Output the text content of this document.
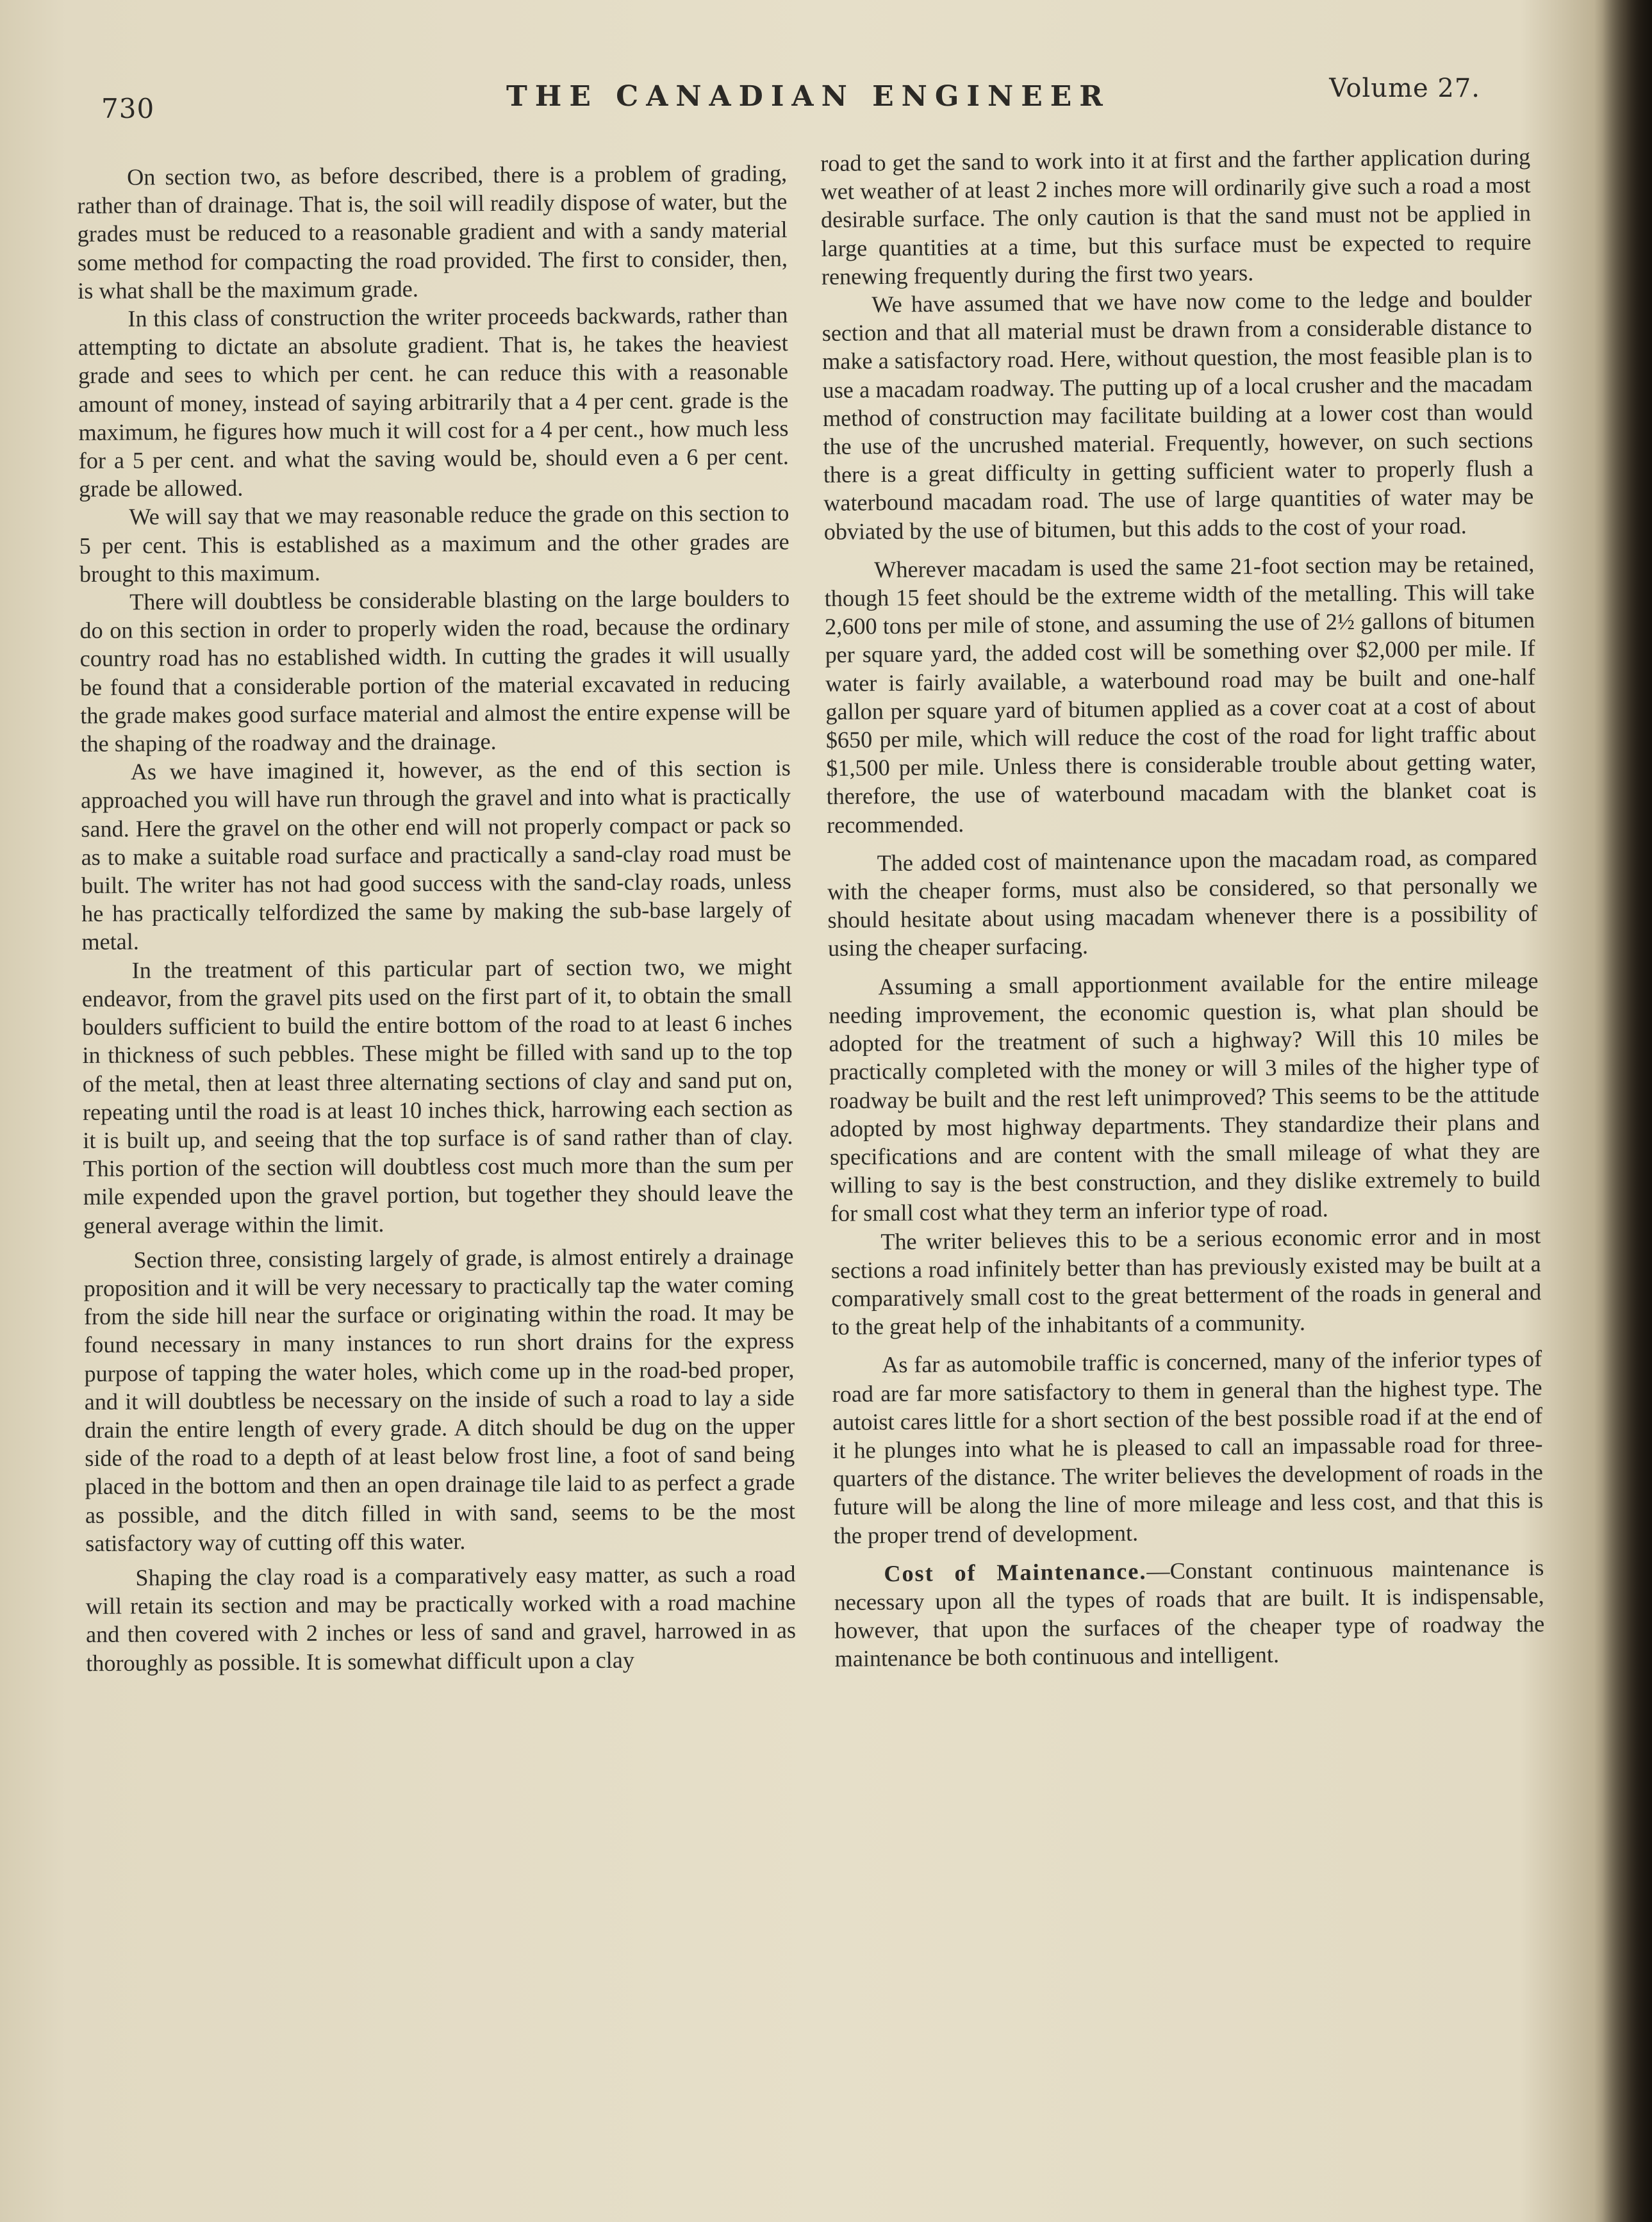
730	THE CANADIAN ENGINEER	Volume 27.

On section two, as before described, there is a problem of grading, rather than of drainage. That is, the soil will readily dispose of water, but the grades must be reduced to a reasonable gradient and with a sandy material some method for compacting the road provided. The first to consider, then, is what shall be the maximum grade.

In this class of construction the writer proceeds backwards, rather than attempting to dictate an absolute gradient. That is, he takes the heaviest grade and sees to which per cent. he can reduce this with a reasonable amount of money, instead of saying arbitrarily that a 4 per cent. grade is the maximum, he figures how much it will cost for a 4 per cent., how much less for a 5 per cent. and what the saving would be, should even a 6 per cent. grade be allowed.

We will say that we may reasonable reduce the grade on this section to 5 per cent. This is established as a maximum and the other grades are brought to this maximum.

There will doubtless be considerable blasting on the large boulders to do on this section in order to properly widen the road, because the ordinary country road has no established width. In cutting the grades it will usually be found that a considerable portion of the material excavated in reducing the grade makes good surface material and almost the entire expense will be the shaping of the roadway and the drainage.

As we have imagined it, however, as the end of this section is approached you will have run through the gravel and into what is practically sand. Here the gravel on the other end will not properly compact or pack so as to make a suitable road surface and practically a sand-clay road must be built. The writer has not had good success with the sand-clay roads, unless he has practically telfordized the same by making the sub-base largely of metal.

In the treatment of this particular part of section two, we might endeavor, from the gravel pits used on the first part of it, to obtain the small boulders sufficient to build the entire bottom of the road to at least 6 inches in thickness of such pebbles. These might be filled with sand up to the top of the metal, then at least three alternating sections of clay and sand put on, repeating until the road is at least 10 inches thick, harrowing each section as it is built up, and seeing that the top surface is of sand rather than of clay. This portion of the section will doubtless cost much more than the sum per mile expended upon the gravel portion, but together they should leave the general average within the limit.

Section three, consisting largely of grade, is almost entirely a drainage proposition and it will be very necessary to practically tap the water coming from the side hill near the surface or originating within the road. It may be found necessary in many instances to run short drains for the express purpose of tapping the water holes, which come up in the road-bed proper, and it will doubtless be necessary on the inside of such a road to lay a side drain the entire length of every grade. A ditch should be dug on the upper side of the road to a depth of at least below frost line, a foot of sand being placed in the bottom and then an open drainage tile laid to as perfect a grade as possible, and the ditch filled in with sand, seems to be the most satisfactory way of cutting off this water.

Shaping the clay road is a comparatively easy matter, as such a road will retain its section and may be practically worked with a road machine and then covered with 2 inches or less of sand and gravel, harrowed in as thoroughly as possible. It is somewhat difficult upon a clay

road to get the sand to work into it at first and the farther application during wet weather of at least 2 inches more will ordinarily give such a road a most desirable surface. The only caution is that the sand must not be applied in large quantities at a time, but this surface must be expected to require renewing frequently during the first two years.

We have assumed that we have now come to the ledge and boulder section and that all material must be drawn from a considerable distance to make a satisfactory road. Here, without question, the most feasible plan is to use a macadam roadway. The putting up of a local crusher and the macadam method of construction may facilitate building at a lower cost than would the use of the uncrushed material. Frequently, however, on such sections there is a great difficulty in getting sufficient water to properly flush a waterbound macadam road. The use of large quantities of water may be obviated by the use of bitumen, but this adds to the cost of your road.

Wherever macadam is used the same 21-foot section may be retained, though 15 feet should be the extreme width of the metalling. This will take 2,600 tons per mile of stone, and assuming the use of 2½ gallons of bitumen per square yard, the added cost will be something over $2,000 per mile. If water is fairly available, a waterbound road may be built and one-half gallon per square yard of bitumen applied as a cover coat at a cost of about $650 per mile, which will reduce the cost of the road for light traffic about $1,500 per mile. Unless there is considerable trouble about getting water, therefore, the use of waterbound macadam with the blanket coat is recommended.

The added cost of maintenance upon the macadam road, as compared with the cheaper forms, must also be considered, so that personally we should hesitate about using macadam whenever there is a possibility of using the cheaper surfacing.

Assuming a small apportionment available for the entire mileage needing improvement, the economic question is, what plan should be adopted for the treatment of such a highway? Will this 10 miles be practically completed with the money or will 3 miles of the higher type of roadway be built and the rest left unimproved? This seems to be the attitude adopted by most highway departments. They standardize their plans and specifications and are content with the small mileage of what they are willing to say is the best construction, and they dislike extremely to build for small cost what they term an inferior type of road.

The writer believes this to be a serious economic error and in most sections a road infinitely better than has previously existed may be built at a comparatively small cost to the great betterment of the roads in general and to the great help of the inhabitants of a community.

As far as automobile traffic is concerned, many of the inferior types of road are far more satisfactory to them in general than the highest type. The autoist cares little for a short section of the best possible road if at the end of it he plunges into what he is pleased to call an impassable road for three-quarters of the distance. The writer believes the development of roads in the future will be along the line of more mileage and less cost, and that this is the proper trend of development.

Cost of Maintenance.—Constant continuous maintenance is necessary upon all the types of roads that are built. It is indispensable, however, that upon the surfaces of the cheaper type of roadway the maintenance be both continuous and intelligent.
